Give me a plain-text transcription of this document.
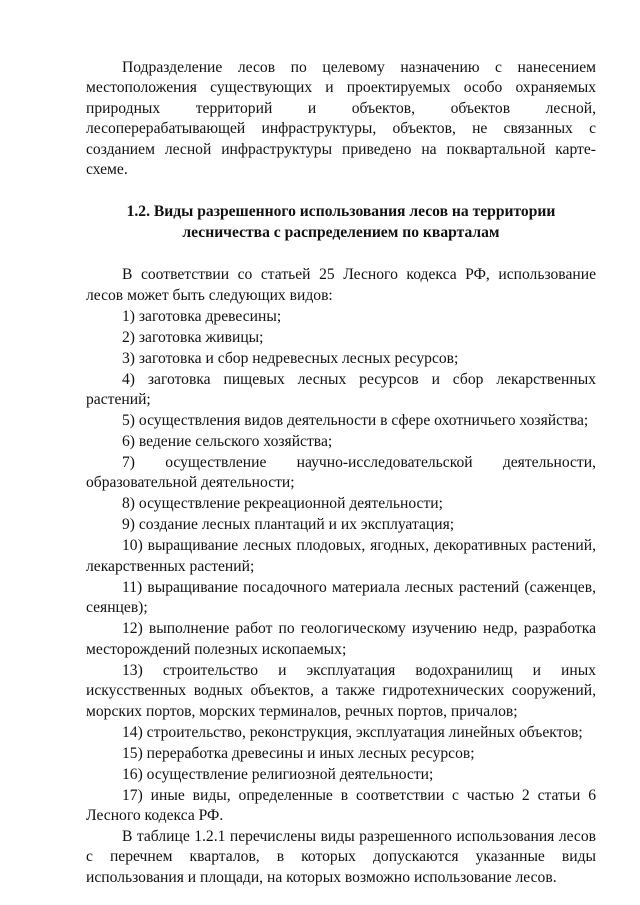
Подразделение лесов по целевому назначению с нанесением местоположения существующих и проектируемых особо охраняемых природных территорий и объектов, объектов лесной, лесоперерабатывающей инфраструктуры, объектов, не связанных с созданием лесной инфраструктуры приведено на поквартальной карте-схеме.

1.2. Виды разрешенного использования лесов на территории лесничества с распределением по кварталам

В соответствии со статьей 25 Лесного кодекса РФ, использование лесов может быть следующих видов:

1) заготовка древесины;

2) заготовка живицы;

3) заготовка и сбор недревесных лесных ресурсов;

4) заготовка пищевых лесных ресурсов и сбор лекарственных растений;

5) осуществления видов деятельности в сфере охотничьего хозяйства;

6) ведение сельского хозяйства;

7) осуществление научно-исследовательской деятельности, образовательной деятельности;

8) осуществление рекреационной деятельности;

9) создание лесных плантаций и их эксплуатация;

10) выращивание лесных плодовых, ягодных, декоративных растений, лекарственных растений;

11) выращивание посадочного материала лесных растений (саженцев, сеянцев);

12) выполнение работ по геологическому изучению недр, разработка месторождений полезных ископаемых;

13) строительство и эксплуатация водохранилищ и иных искусственных водных объектов, а также гидротехнических сооружений, морских портов, морских терминалов, речных портов, причалов;

14) строительство, реконструкция, эксплуатация линейных объектов;

15) переработка древесины и иных лесных ресурсов;

16) осуществление религиозной деятельности;

17) иные виды, определенные в соответствии с частью 2 статьи 6 Лесного кодекса РФ.

В таблице 1.2.1 перечислены виды разрешенного использования лесов с перечнем кварталов, в которых допускаются указанные виды использования и площади, на которых возможно использование лесов.
